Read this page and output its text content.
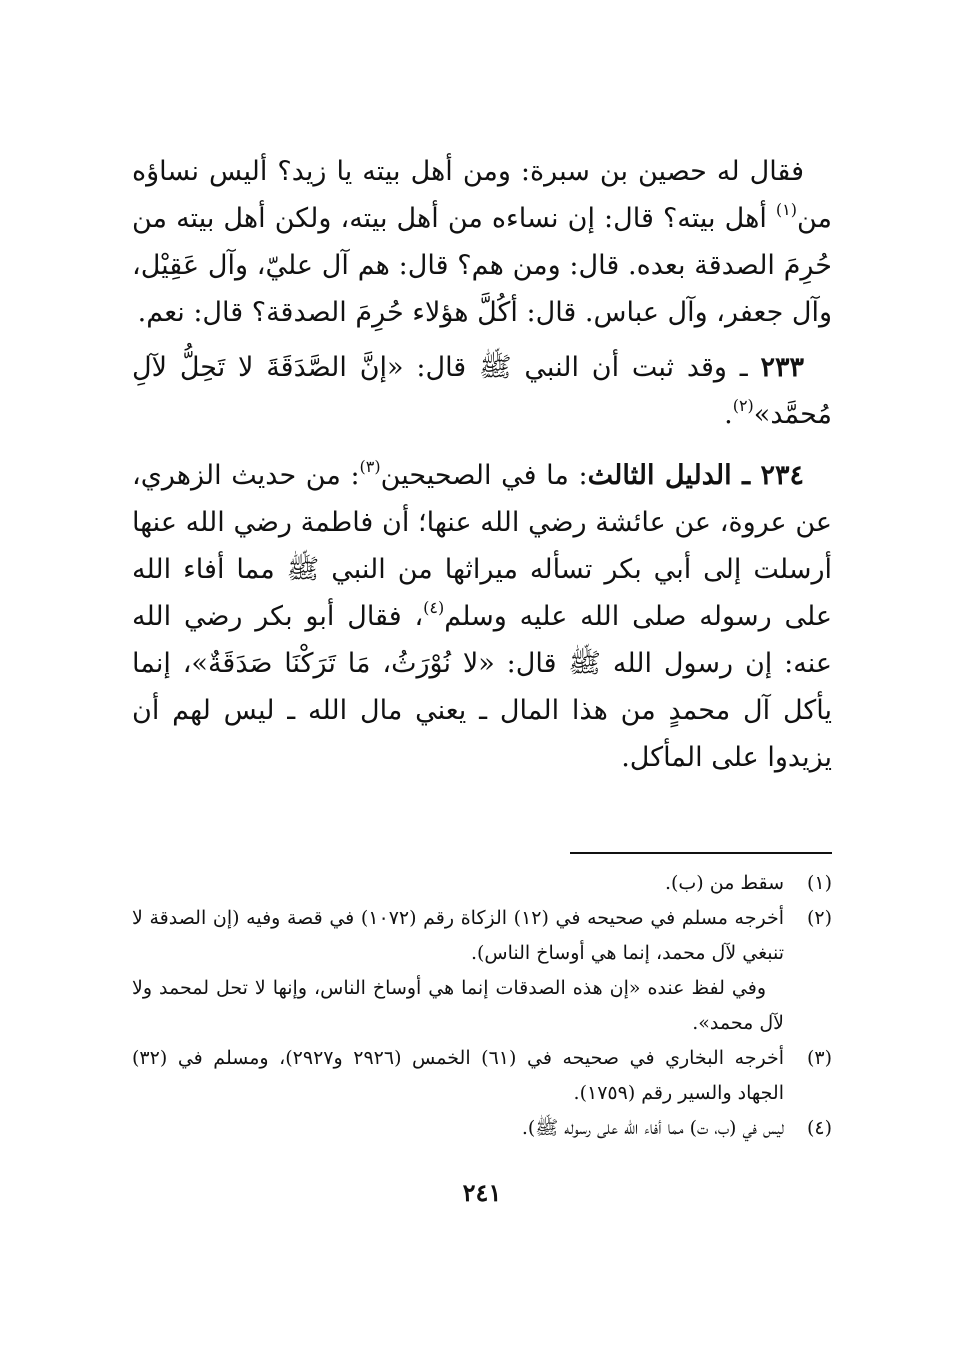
فقال له حصين بن سبرة: ومن أهل بيته يا زيد؟ أليس نساؤه من$^{(١)}$ أهل بيته؟ قال: إن نساءه من أهل بيته، ولكن أهل بيته من حُرِمَ الصدقة بعده. قال: ومن هم؟ قال: هم آل عليّ، وآل عَقِيْل، وآل جعفر، وآل عباس. قال: أكُلَّ هؤلاء حُرِمَ الصدقة؟ قال: نعم.

٢٣٣ ـ وقد ثبت أن النبي ﷺ قال: «إنَّ الصَّدَقَةَ لا تَحِلُّ لآلِ مُحمَّد»$^{(٢)}$.

٢٣٤ ـ الدليل الثالث: ما في الصحيحين$^{(٣)}$: من حديث الزهري، عن عروة، عن عائشة رضي الله عنها؛ أن فاطمة رضي الله عنها أرسلت إلى أبي بكر تسأله ميراثها من النبي ﷺ مما أفاء الله على رسوله صلى الله عليه وسلم$^{(٤)}$، فقال أبو بكر رضي الله عنه: إن رسول الله ﷺ قال: «لا نُوْرَثُ، مَا تَرَكْنَا صَدَقَةٌ»، إنما يأكل آل محمدٍ من هذا المال ـ يعني مال الله ـ ليس لهم أن يزيدوا على المأكل.

(١)
سقط من (ب).
(٢)
أخرجه مسلم في صحيحه في (١٢) الزكاة رقم (١٠٧٢) في قصة وفيه (إن الصدقة لا تنبغي لآل محمد، إنما هي أوساخ الناس).
وفي لفظ عنده «إن هذه الصدقات إنما هي أوساخ الناس، وإنها لا تحل لمحمد ولا لآل محمد».
(٣)
أخرجه البخاري في صحيحه في (٦١) الخمس (٢٩٢٦ و٢٩٢٧)، ومسلم في (٣٢) الجهاد والسير رقم (١٧٥٩).
(٤)
ليس في (ب، ت) مما أفاء الله على رسوله ﷺ).
٢٤١
